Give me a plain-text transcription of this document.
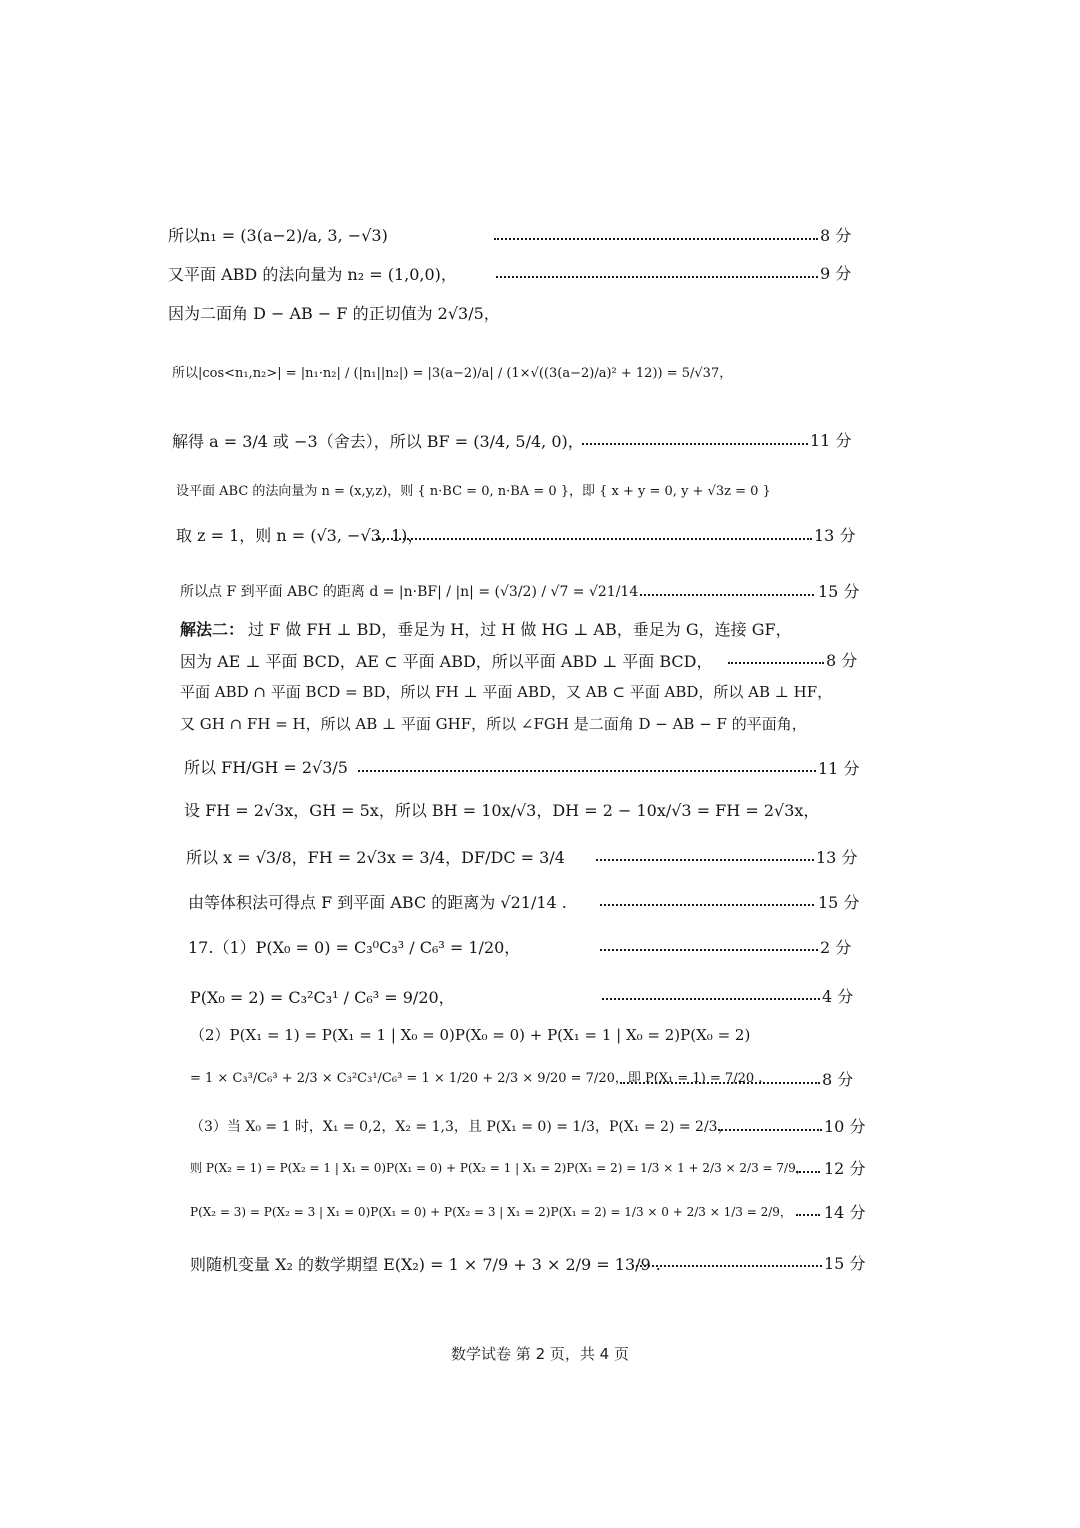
所以n₁ = (3(a−2)/a, 3, −√3)	8 分
又平面 ABD 的法向量为 n₂ = (1,0,0)，	9 分
因为二面角 D − AB − F 的正切值为 2√3/5，
所以|cos<n₁,n₂>| = |n₁·n₂| / (|n₁||n₂|) = |3(a−2)/a| / (1×√((3(a−2)/a)² + 12)) = 5/√37，
解得 a = 3/4 或 −3（舍去），所以 BF = (3/4, 5/4, 0)，	11 分
设平面 ABC 的法向量为 n = (x,y,z)，则 { n·BC = 0, n·BA = 0 }，即 { x + y = 0, y + √3z = 0 }
取 z = 1，则 n = (√3, −√3, 1)，	13 分
所以点 F 到平面 ABC 的距离 d = |n·BF| / |n| = (√3/2) / √7 = √21/14 .	15 分
解法二： 过 F 做 FH ⊥ BD，垂足为 H，过 H 做 HG ⊥ AB，垂足为 G，连接 GF，
因为 AE ⊥ 平面 BCD，AE ⊂ 平面 ABD，所以平面 ABD ⊥ 平面 BCD，	8 分
平面 ABD ∩ 平面 BCD = BD，所以 FH ⊥ 平面 ABD，又 AB ⊂ 平面 ABD，所以 AB ⊥ HF，
又 GH ∩ FH = H，所以 AB ⊥ 平面 GHF，所以 ∠FGH 是二面角 D − AB − F 的平面角，
所以 FH/GH = 2√3/5	11 分
设 FH = 2√3x，GH = 5x，所以 BH = 10x/√3，DH = 2 − 10x/√3 = FH = 2√3x，
所以 x = √3/8，FH = 2√3x = 3/4，DF/DC = 3/4	13 分
由等体积法可得点 F 到平面 ABC 的距离为 √21/14 .	15 分
17.（1）P(X₀ = 0) = C₃⁰C₃³ / C₆³ = 1/20，	2 分
P(X₀ = 2) = C₃²C₃¹ / C₆³ = 9/20，	4 分
（2）P(X₁ = 1) = P(X₁ = 1 | X₀ = 0)P(X₀ = 0) + P(X₁ = 1 | X₀ = 2)P(X₀ = 2)
= 1 × C₃³/C₆³ + 2/3 × C₃²C₃¹/C₆³ = 1 × 1/20 + 2/3 × 9/20 = 7/20，即 P(X₁ = 1) = 7/20 .	8 分
（3）当 X₀ = 1 时，X₁ = 0,2，X₂ = 1,3，且 P(X₁ = 0) = 1/3，P(X₁ = 2) = 2/3，	10 分
则 P(X₂ = 1) = P(X₂ = 1 | X₁ = 0)P(X₁ = 0) + P(X₂ = 1 | X₁ = 2)P(X₁ = 2) = 1/3 × 1 + 2/3 × 2/3 = 7/9， 12 分
P(X₂ = 3) = P(X₂ = 3 | X₁ = 0)P(X₁ = 0) + P(X₂ = 3 | X₁ = 2)P(X₁ = 2) = 1/3 × 0 + 2/3 × 1/3 = 2/9， 14 分
则随机变量 X₂ 的数学期望 E(X₂) = 1 × 7/9 + 3 × 2/9 = 13/9 .	15 分
数学试卷 第 2 页，共 4 页
